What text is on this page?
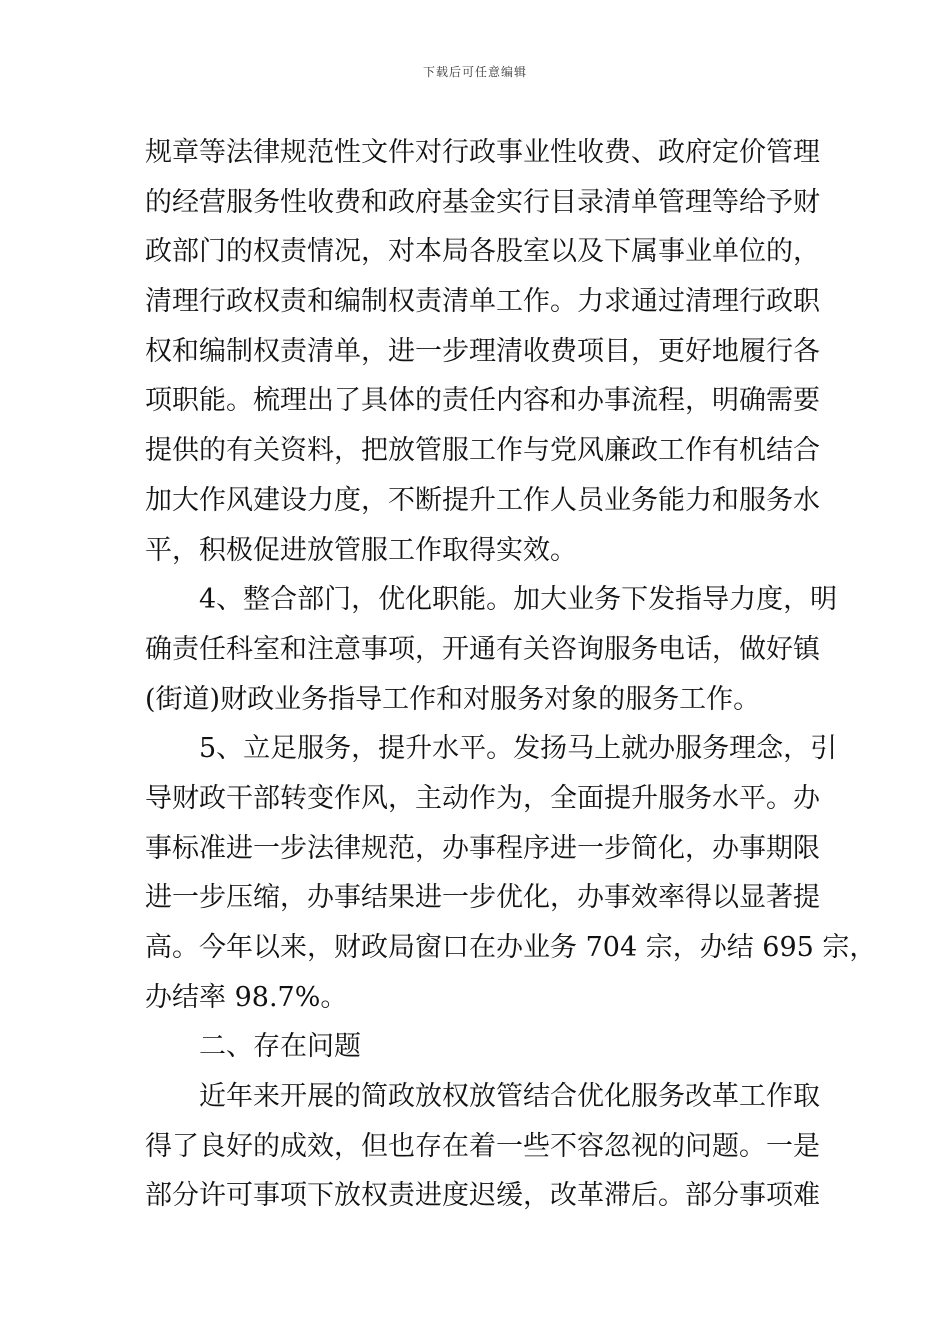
下载后可任意编辑
规章等法律规范性文件对行政事业性收费、政府定价管理
的经营服务性收费和政府基金实行目录清单管理等给予财
政部门的权责情况，对本局各股室以及下属事业单位的，
清理行政权责和编制权责清单工作。力求通过清理行政职
权和编制权责清单，进一步理清收费项目，更好地履行各
项职能。梳理出了具体的责任内容和办事流程，明确需要
提供的有关资料，把放管服工作与党风廉政工作有机结合
加大作风建设力度，不断提升工作人员业务能力和服务水
平，积极促进放管服工作取得实效。
4、整合部门，优化职能。加大业务下发指导力度，明
确责任科室和注意事项，开通有关咨询服务电话，做好镇
(街道)财政业务指导工作和对服务对象的服务工作。
5、立足服务，提升水平。发扬马上就办服务理念，引
导财政干部转变作风，主动作为，全面提升服务水平。办
事标准进一步法律规范，办事程序进一步简化，办事期限
进一步压缩，办事结果进一步优化，办事效率得以显著提
高。今年以来，财政局窗口在办业务 704 宗，办结 695 宗，
办结率 98.7%。
二、存在问题
近年来开展的简政放权放管结合优化服务改革工作取
得了良好的成效，但也存在着一些不容忽视的问题。一是
部分许可事项下放权责进度迟缓，改革滞后。部分事项难
